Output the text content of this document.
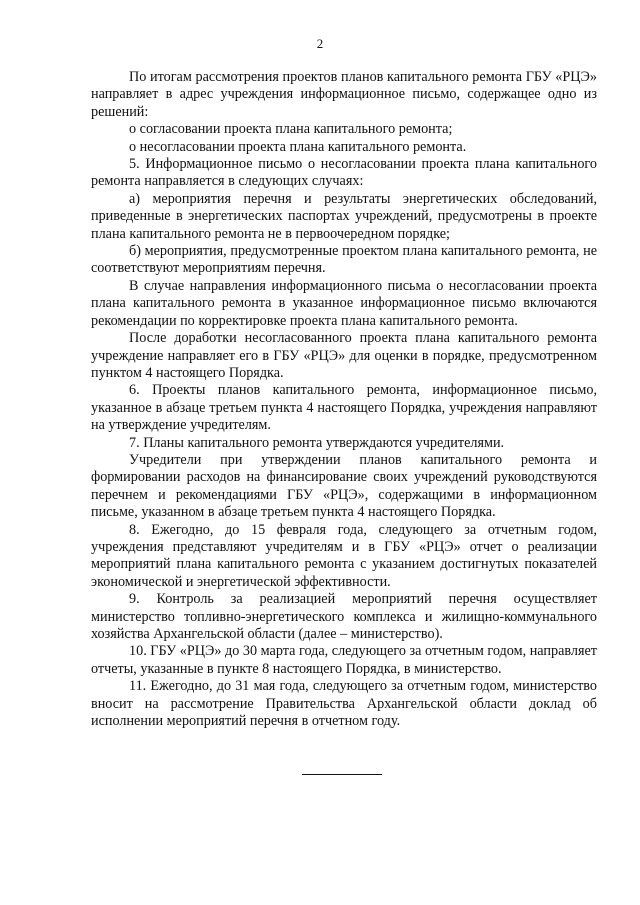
2

По итогам рассмотрения проектов планов капитального ремонта ГБУ «РЦЭ» направляет в адрес учреждения информационное письмо, содержащее одно из решений:

о согласовании проекта плана капитального ремонта;

о несогласовании проекта плана капитального ремонта.

5. Информационное письмо о несогласовании проекта плана капитального ремонта направляется в следующих случаях:

а) мероприятия перечня и результаты энергетических обследований, приведенные в энергетических паспортах учреждений, предусмотрены в проекте плана капитального ремонта не в первоочередном порядке;

б) мероприятия, предусмотренные проектом плана капитального ремонта, не соответствуют мероприятиям перечня.

В случае направления информационного письма о несогласовании проекта плана капитального ремонта в указанное информационное письмо включаются рекомендации по корректировке проекта плана капитального ремонта.

После доработки несогласованного проекта плана капитального ремонта учреждение направляет его в ГБУ «РЦЭ» для оценки в порядке, предусмотренном пунктом 4 настоящего Порядка.

6. Проекты планов капитального ремонта, информационное письмо, указанное в абзаце третьем пункта 4 настоящего Порядка, учреждения направляют на утверждение учредителям.

7. Планы капитального ремонта утверждаются учредителями.

Учредители при утверждении планов капитального ремонта и формировании расходов на финансирование своих учреждений руководствуются перечнем и рекомендациями ГБУ «РЦЭ», содержащими в информационном письме, указанном в абзаце третьем пункта 4 настоящего Порядка.

8. Ежегодно, до 15 февраля года, следующего за отчетным годом, учреждения представляют учредителям и в ГБУ «РЦЭ» отчет о реализации мероприятий плана капитального ремонта с указанием достигнутых показателей экономической и энергетической эффективности.

9. Контроль за реализацией мероприятий перечня осуществляет министерство топливно-энергетического комплекса и жилищно-коммунального хозяйства Архангельской области (далее – министерство).

10. ГБУ «РЦЭ» до 30 марта года, следующего за отчетным годом, направляет отчеты, указанные в пункте 8 настоящего Порядка, в министерство.

11. Ежегодно, до 31 мая года, следующего за отчетным годом, министерство вносит на рассмотрение Правительства Архангельской области доклад об исполнении мероприятий перечня в отчетном году.
